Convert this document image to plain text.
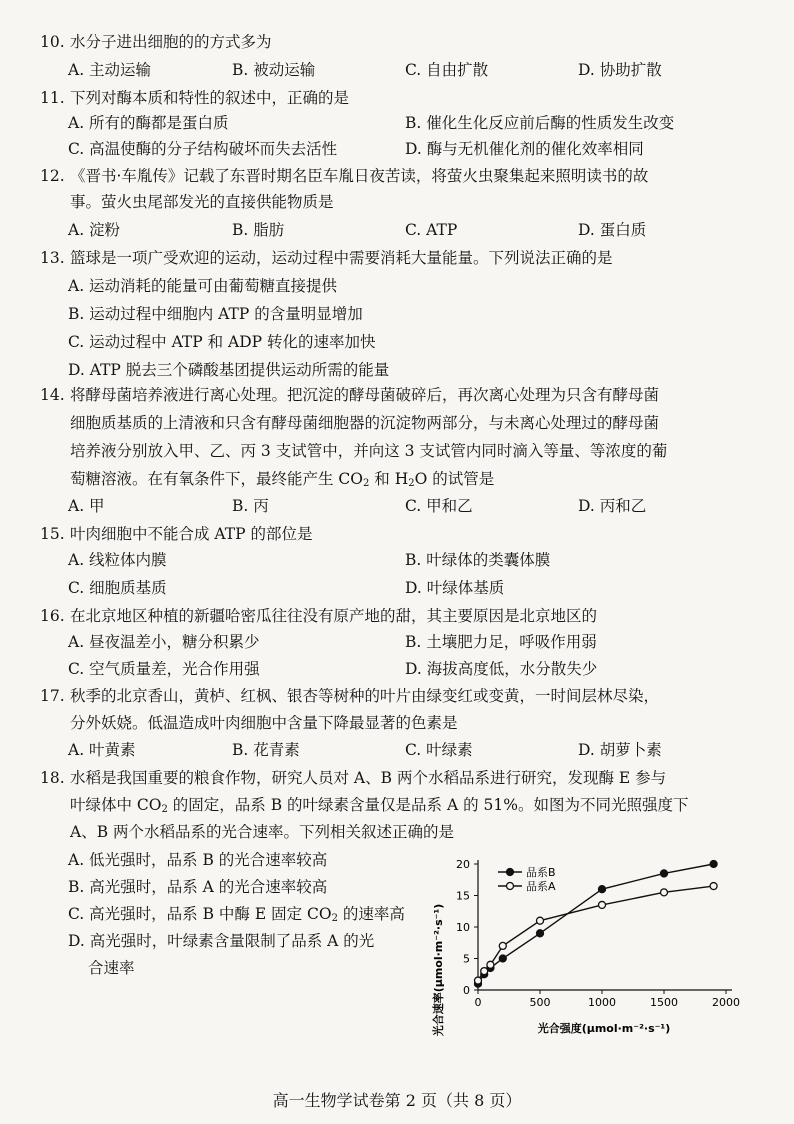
10. 水分子进出细胞的的方式多为
A. 主动运输	B. 被动运输	C. 自由扩散	D. 协助扩散
11. 下列对酶本质和特性的叙述中，正确的是
A. 所有的酶都是蛋白质	B. 催化生化反应前后酶的性质发生改变
C. 高温使酶的分子结构破坏而失去活性	D. 酶与无机催化剂的催化效率相同
12. 《晋书·车胤传》记载了东晋时期名臣车胤日夜苦读，将萤火虫聚集起来照明读书的故
事。萤火虫尾部发光的直接供能物质是
A. 淀粉	B. 脂肪	C. ATP	D. 蛋白质
13. 篮球是一项广受欢迎的运动，运动过程中需要消耗大量能量。下列说法正确的是
A. 运动消耗的能量可由葡萄糖直接提供
B. 运动过程中细胞内 ATP 的含量明显增加
C. 运动过程中 ATP 和 ADP 转化的速率加快
D. ATP 脱去三个磷酸基团提供运动所需的能量
14. 将酵母菌培养液进行离心处理。把沉淀的酵母菌破碎后，再次离心处理为只含有酵母菌
细胞质基质的上清液和只含有酵母菌细胞器的沉淀物两部分，与未离心处理过的酵母菌
培养液分别放入甲、乙、丙 3 支试管中，并向这 3 支试管内同时滴入等量、等浓度的葡
萄糖溶液。在有氧条件下，最终能产生 $CO_2$ 和 $H_2O$ 的试管是
A. 甲	B. 丙	C. 甲和乙	D. 丙和乙
15. 叶肉细胞中不能合成 ATP 的部位是
A. 线粒体内膜	B. 叶绿体的类囊体膜
C. 细胞质基质	D. 叶绿体基质
16. 在北京地区种植的新疆哈密瓜往往没有原产地的甜，其主要原因是北京地区的
A. 昼夜温差小，糖分积累少	B. 土壤肥力足，呼吸作用弱
C. 空气质量差，光合作用强	D. 海拔高度低，水分散失少
17. 秋季的北京香山，黄栌、红枫、银杏等树种的叶片由绿变红或变黄，一时间层林尽染，
分外妖娆。低温造成叶肉细胞中含量下降最显著的色素是
A. 叶黄素	B. 花青素	C. 叶绿素	D. 胡萝卜素
18. 水稻是我国重要的粮食作物，研究人员对 A、B 两个水稻品系进行研究，发现酶 E 参与
叶绿体中 $CO_2$ 的固定，品系 B 的叶绿素含量仅是品系 A 的 51%。如图为不同光照强度下
A、B 两个水稻品系的光合速率。下列相关叙述正确的是
A. 低光强时，品系 B 的光合速率较高
B. 高光强时，品系 A 的光合速率较高
C. 高光强时，品系 B 中酶 E 固定 $CO_2$ 的速率高
D. 高光强时，叶绿素含量限制了品系 A 的光
合速率
0
5
10
15
20
0	500	1000	1500	2000
品系B
品系A
光合速率(μmol·m⁻²·s⁻¹)	光合强度(μmol·m⁻²·s⁻¹)
高一生物学试卷第 2 页（共 8 页）
